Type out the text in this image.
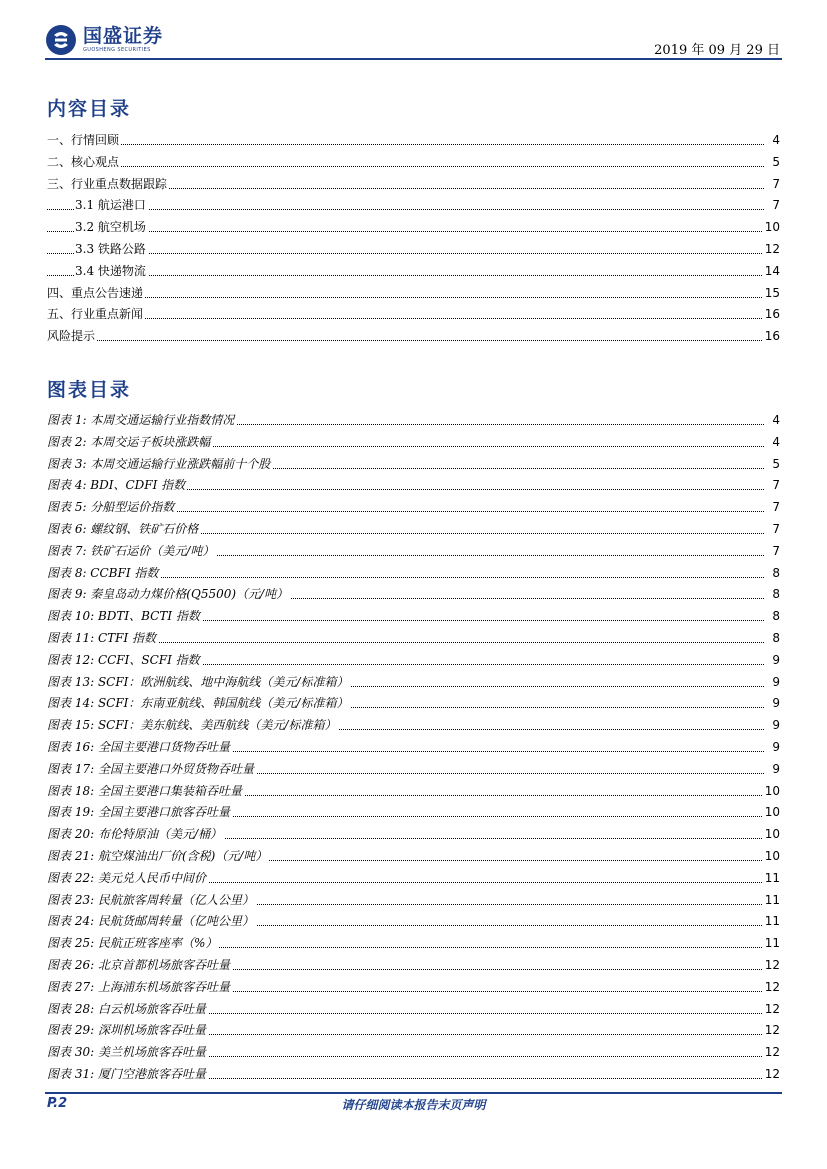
国盛证券
GUOSHENG SECURITIES	2019 年 09 月 29 日
内容目录
一、行情回顾	4
二、核心观点	5
三、行业重点数据跟踪	7
3.1 航运港口	7
3.2 航空机场	10
3.3 铁路公路	12
3.4 快递物流	14
四、重点公告速递	15
五、行业重点新闻	16
风险提示	16
图表目录
图表 1: 本周交通运输行业指数情况	4
图表 2: 本周交运子板块涨跌幅	4
图表 3: 本周交通运输行业涨跌幅前十个股	5
图表 4: BDI、CDFI 指数	7
图表 5: 分船型运价指数	7
图表 6: 螺纹钢、铁矿石价格	7
图表 7: 铁矿石运价（美元/吨）	7
图表 8: CCBFI 指数	8
图表 9: 秦皇岛动力煤价格(Q5500)（元/吨）	8
图表 10: BDTI、BCTI 指数	8
图表 11: CTFI 指数	8
图表 12: CCFI、SCFI 指数	9
图表 13: SCFI：欧洲航线、地中海航线（美元/标准箱）	9
图表 14: SCFI：东南亚航线、韩国航线（美元/标准箱）	9
图表 15: SCFI：美东航线、美西航线（美元/标准箱）	9
图表 16: 全国主要港口货物吞吐量	9
图表 17: 全国主要港口外贸货物吞吐量	9
图表 18: 全国主要港口集装箱吞吐量	10
图表 19: 全国主要港口旅客吞吐量	10
图表 20: 布伦特原油（美元/桶）	10
图表 21: 航空煤油出厂价(含税)（元/吨）	10
图表 22: 美元兑人民币中间价	11
图表 23: 民航旅客周转量（亿人公里）	11
图表 24: 民航货邮周转量（亿吨公里）	11
图表 25: 民航正班客座率（%）	11
图表 26: 北京首都机场旅客吞吐量	12
图表 27: 上海浦东机场旅客吞吐量	12
图表 28: 白云机场旅客吞吐量	12
图表 29: 深圳机场旅客吞吐量	12
图表 30: 美兰机场旅客吞吐量	12
图表 31: 厦门空港旅客吞吐量	12
P.2	请仔细阅读本报告末页声明
